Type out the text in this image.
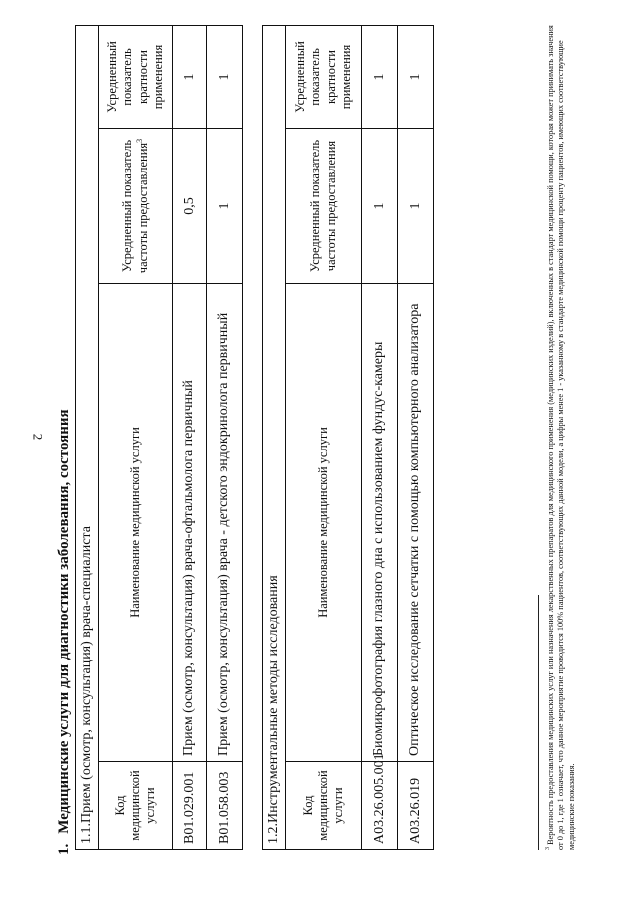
2
1.Медицинские услуги для диагностики заболевания, состояния 1.1.Прием (осмотр, консультация) врача-специалиста			
Код медицинской услуги	Наименование медицинской услуги	Усредненный показатель частоты предоставления$^3$	Усредненный показатель кратности применения
B01.029.001	Прием (осмотр, консультация) врача-офтальмолога первичный	0,5	1
B01.058.003	Прием (осмотр, консультация) врача - детского эндокринолога первичный	1	1
1.2.Инструментальные методы исследования			
Код медицинской услуги	Наименование медицинской услуги	Усредненный показатель частоты предоставления	Усредненный показатель кратности применения
A03.26.005.001	Биомикрофотография глазного дна с использованием фундус-камеры	1	1
A03.26.019	Оптическое исследование сетчатки с помощью компьютерного анализатора	1	1
$^3$ Вероятность предоставления медицинских услуг или назначения лекарственных препаратов для медицинского применения (медицинских изделий), включенных в стандарт медицинской помощи, которая может принимать значения от 0 до 1, где 1 означает, что данное мероприятие проводится 100% пациентов, соответствующих данной модели, а цифры менее 1 - указанному в стандарте медицинской помощи проценту пациентов, имеющих соответствующие медицинские показания.
